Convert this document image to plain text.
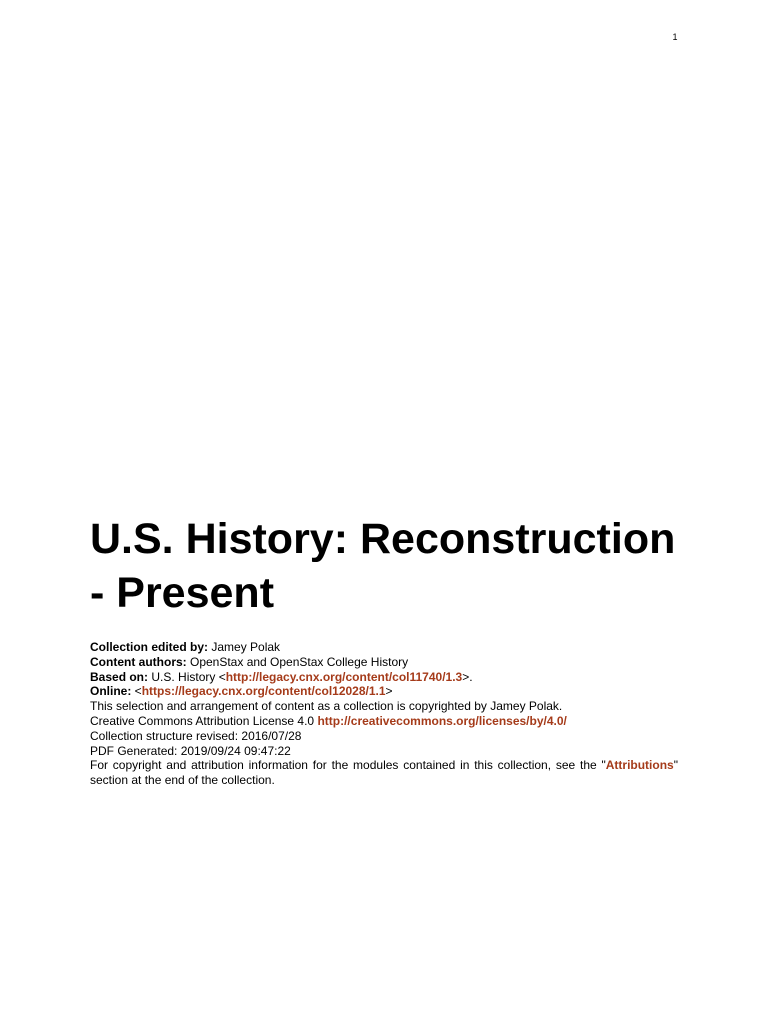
1
U.S. History: Reconstruction
- Present
Collection edited by: Jamey Polak
Content authors: OpenStax and OpenStax College History
Based on: U.S. History <http://legacy.cnx.org/content/col11740/1.3>.
Online: <https://legacy.cnx.org/content/col12028/1.1>
This selection and arrangement of content as a collection is copyrighted by Jamey Polak.
Creative Commons Attribution License 4.0 http://creativecommons.org/licenses/by/4.0/
Collection structure revised: 2016/07/28
PDF Generated: 2019/09/24 09:47:22
For copyright and attribution information for the modules contained in this collection, see the "Attributions" section at the end of the collection.
